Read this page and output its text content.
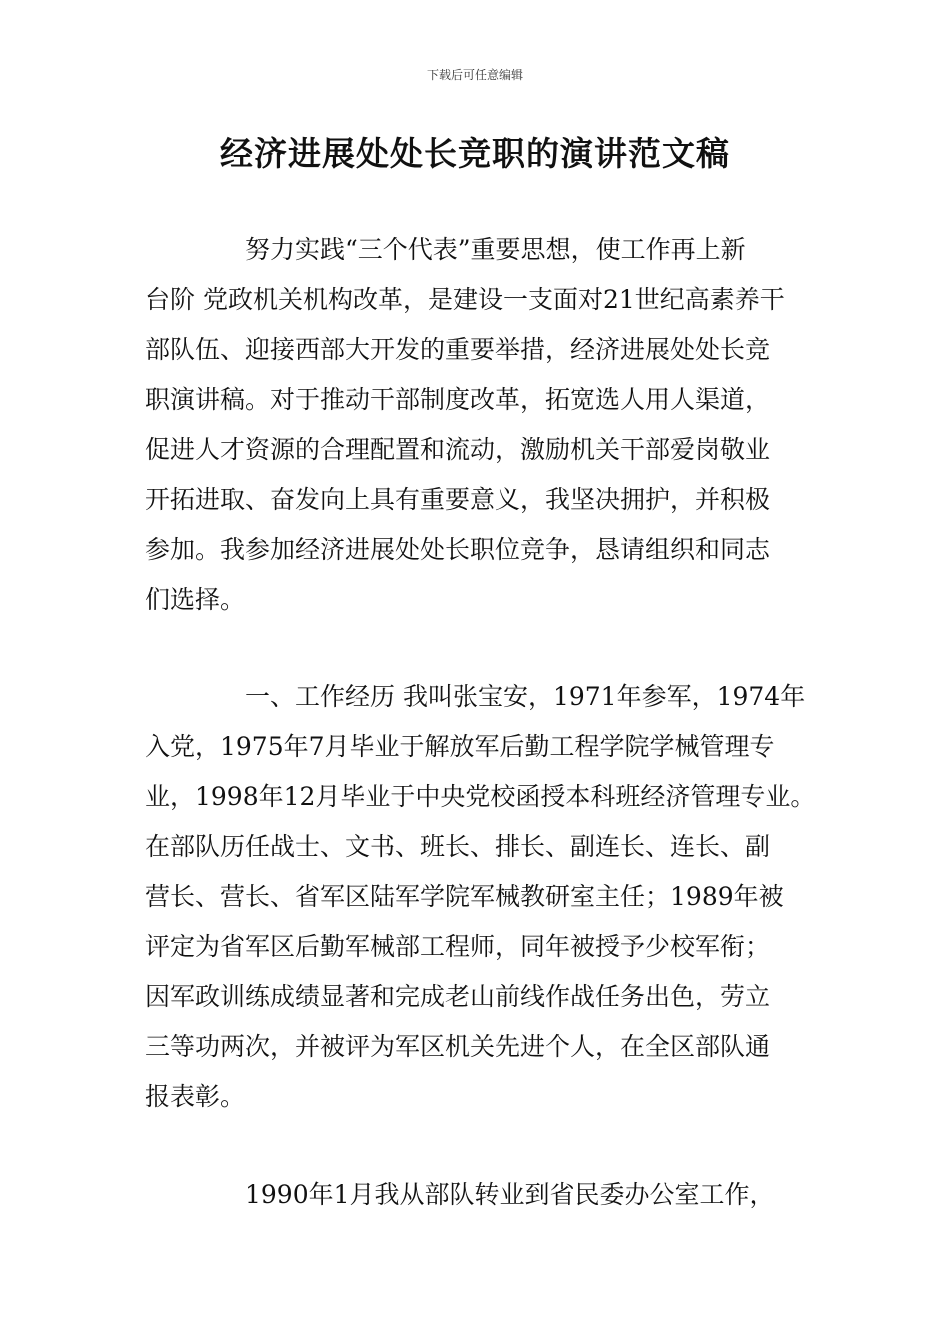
下载后可任意编辑
经济进展处处长竞职的演讲范文稿
努力实践“三个代表”重要思想，使工作再上新
台阶 党政机关机构改革，是建设一支面对21世纪高素养干
部队伍、迎接西部大开发的重要举措，经济进展处处长竞
职演讲稿。对于推动干部制度改革，拓宽选人用人渠道，
促进人才资源的合理配置和流动，激励机关干部爱岗敬业
开拓进取、奋发向上具有重要意义，我坚决拥护，并积极
参加。我参加经济进展处处长职位竞争，恳请组织和同志
们选择。
一、工作经历 我叫张宝安，1971年参军，1974年
入党，1975年7月毕业于解放军后勤工程学院学械管理专
业，1998年12月毕业于中央党校函授本科班经济管理专业。
在部队历任战士、文书、班长、排长、副连长、连长、副
营长、营长、省军区陆军学院军械教研室主任；1989年被
评定为省军区后勤军械部工程师，同年被授予少校军衔；
因军政训练成绩显著和完成老山前线作战任务出色，劳立
三等功两次，并被评为军区机关先进个人，在全区部队通
报表彰。
1990年1月我从部队转业到省民委办公室工作，
